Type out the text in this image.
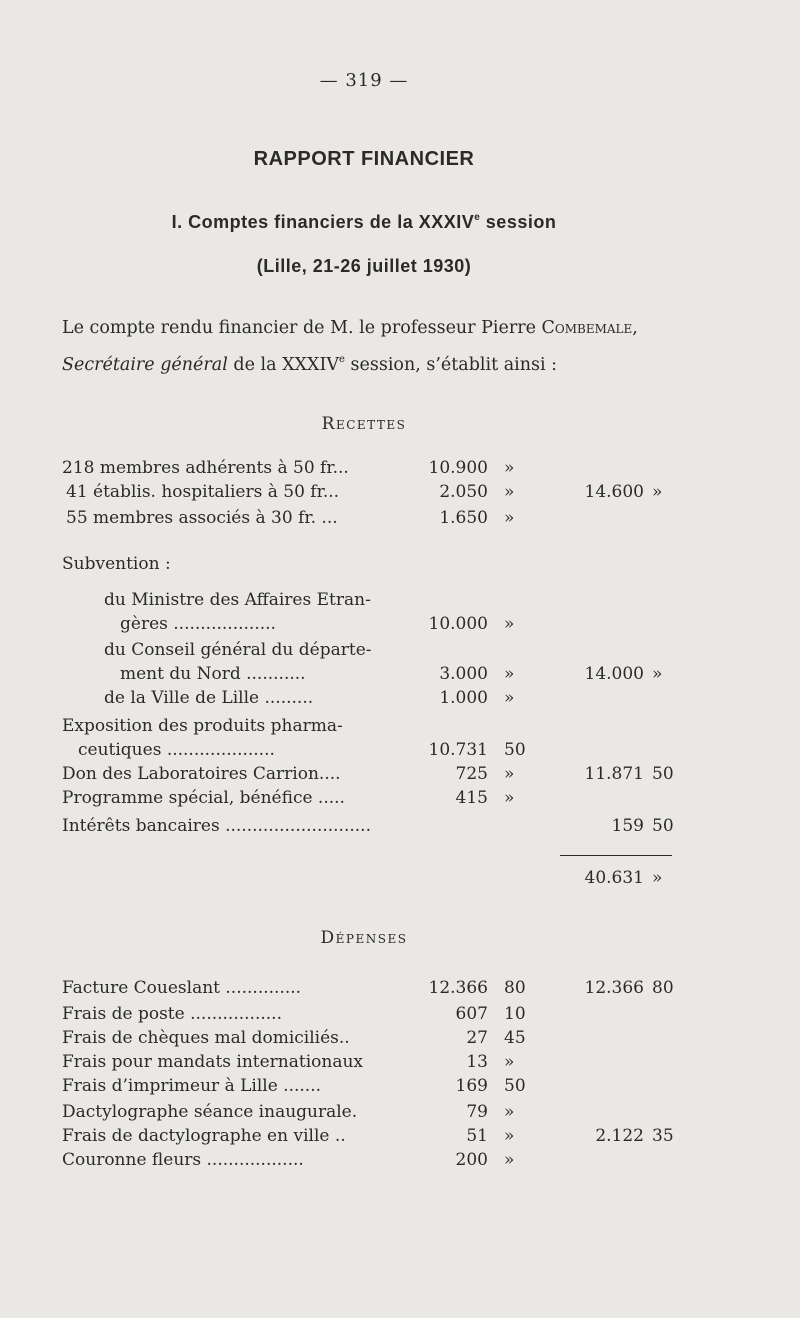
— 319 —
RAPPORT FINANCIER
I. Comptes financiers de la XXXIVe session
(Lille, 21-26 juillet 1930)
Le compte rendu financier de M. le professeur Pierre Combemale, Secrétaire général de la XXXIVe session, s’établit ainsi :
Recettes
218 membres adhérents à 50 fr...	10.900 »
41 établis. hospitaliers à 50 fr...	2.050 »	14.600 »
55 membres associés à 30 fr. ...	1.650 »
Subvention :
du Ministre des Affaires Etran-
gères ...................	10.000 »
du Conseil général du départe-
ment du Nord ...........	3.000 »	14.000 »
de la Ville de Lille .........	1.000 »
Exposition des produits pharma-
ceutiques ....................	10.731 50
Don des Laboratoires Carrion....	725 »	11.871 50
Programme spécial, bénéfice .....	415 »
Intérêts bancaires ...........................	159 50
40.631 »
Dépenses
Facture Coueslant ..............	12.366 80	12.366 80
Frais de poste .................	607 10
Frais de chèques mal domiciliés..	27 45
Frais pour mandats internationaux	13 »
Frais d’imprimeur à Lille .......	169 50
Dactylographe séance inaugurale.	79 »
Frais de dactylographe en ville ..	51 »	2.122 35
Couronne fleurs ..................	200 »
